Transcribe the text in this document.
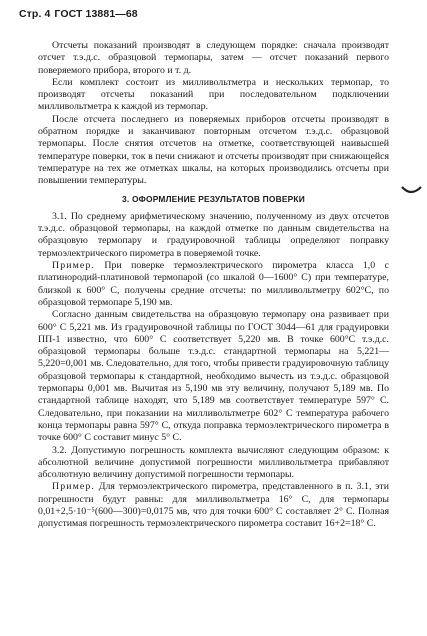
Стр. 4 ГОСТ 13881—68

Отсчеты показаний производят в следующем порядке: сначала производят отсчет т.э.д.с. образцовой термопары, затем — отсчет показаний первого поверяемого прибора, второго и т. д.

Если комплект состоит из милливольтметра и нескольких термопар, то производят отсчеты показаний при последовательном подключении милливольтметра к каждой из термопар.

После отсчета последнего из поверяемых приборов отсчеты производят в обратном порядке и заканчивают повторным отсчетом т.э.д.с. образцовой термопары. После снятия отсчетов на отметке, соответствующей наивысшей температуре поверки, ток в печи снижают и отсчеты производят при снижающейся температуре на тех же отметках шкалы, на которых производились отсчеты при повышении температуры.

3. ОФОРМЛЕНИЕ РЕЗУЛЬТАТОВ ПОВЕРКИ

3.1. По среднему арифметическому значению, полученному из двух отсчетов т.э.д.с. образцовой термопары, на каждой отметке по данным свидетельства на образцовую термопару и градуировочной таблицы определяют поправку термоэлектрического пирометра в поверяемой точке.

Пример. При поверке термоэлектрического пирометра класса 1,0 с платинородий-платиновой термопарой (со шкалой 0—1600° С) при температуре, близкой к 600° С, получены средние отсчеты: по милливольтметру 602°С, по образцовой термопаре 5,190 мв.

Согласно данным свидетельства на образцовую термопару она развивает при 600° С 5,221 мв. Из градуировочной таблицы по ГОСТ 3044—61 для градуировки ПП-1 известно, что 600° С соответствует 5,220 мв. В точке 600°С т.э.д.с. образцовой термопары больше т.э.д.с. стандартной термопары на 5,221—5,220=0,001 мв. Следовательно, для того, чтобы привести градуировочную таблицу образцовой термопары к стандартной, необходимо вычесть из т.э.д.с. образцовой термопары 0,001 мв. Вычитая из 5,190 мв эту величину, получают 5,189 мв. По стандартной таблице находят, что 5,189 мв соответствует температуре 597° С. Следовательно, при показании на милливольтметре 602° С температура рабочего конца термопары равна 597° С, откуда поправка термоэлектрического пирометра в точке 600° С составит минус 5° С.

3.2. Допустимую погрешность комплекта вычисляют следующим образом: к абсолютной величине допустимой погрешности милливольтметра прибавляют абсолютную величину допустимой погрешности термопары.

Пример. Для термоэлектрического пирометра, представленного в п. 3.1, эти погрешности будут равны: для милливольтметра 16° С, для термопары 0,01+2,5·10⁻⁵(600—300)=0,0175 мв, что для точки 600° С составляет 2° С. Полная допустимая погрешность термоэлектрического пирометра составит 16+2=18° С.
